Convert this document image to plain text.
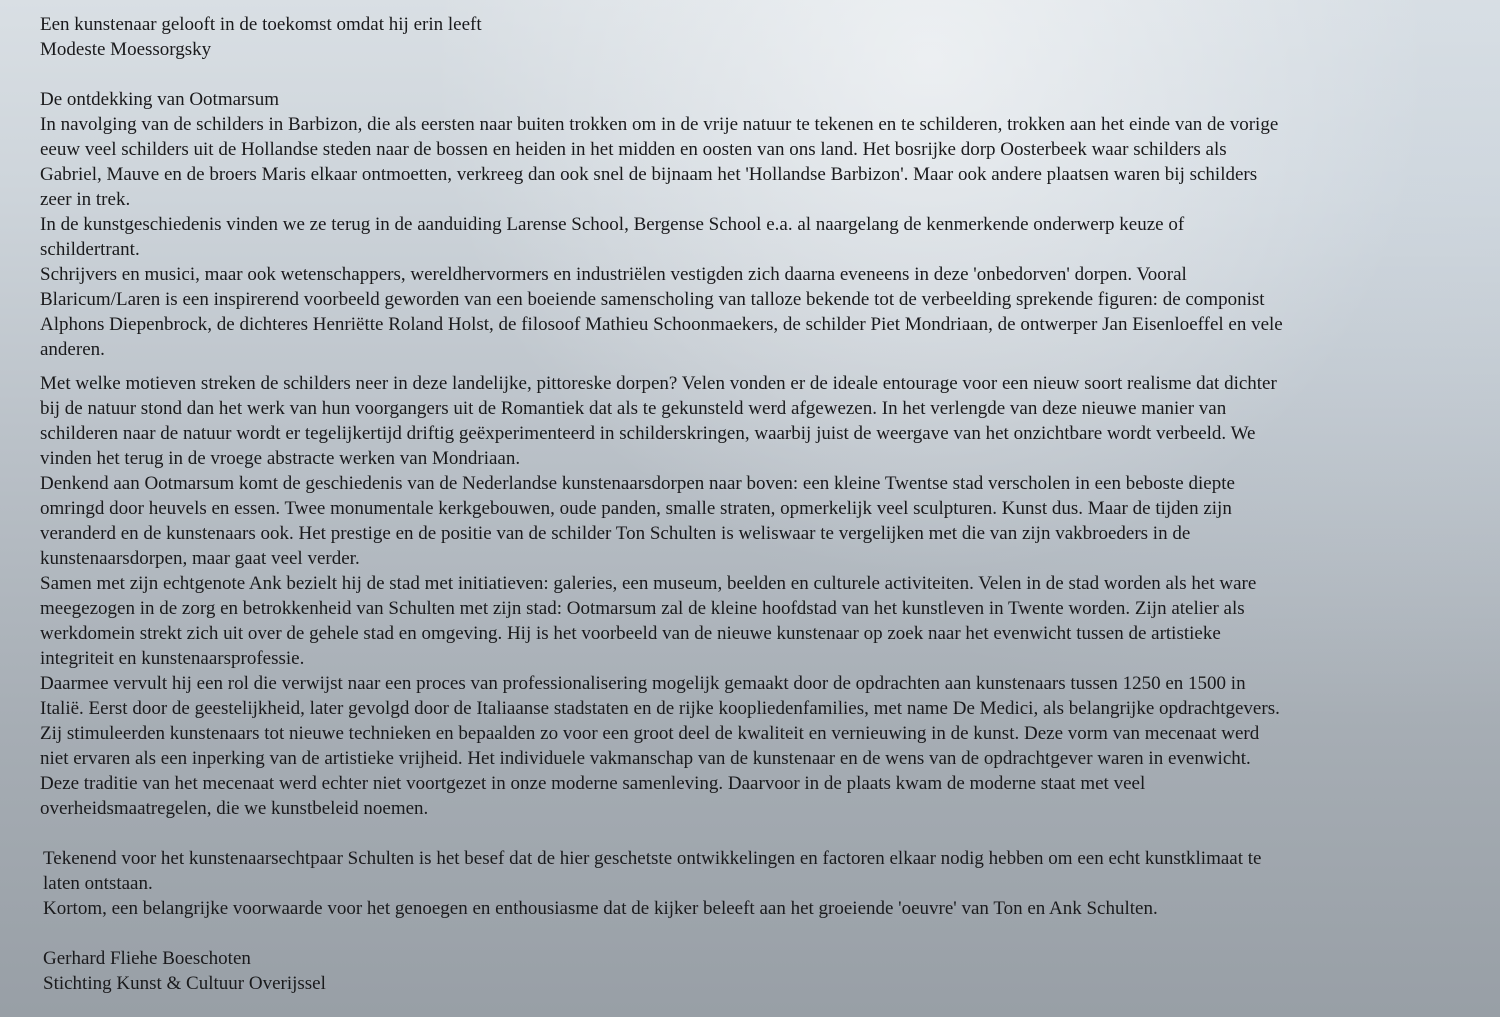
Een kunstenaar gelooft in de toekomst omdat hij erin leeft
Modeste Moessorgsky
De ontdekking van Ootmarsum
In navolging van de schilders in Barbizon, die als eersten naar buiten trokken om in de vrije natuur te tekenen en te schilderen, trokken aan het einde van de vorige
eeuw veel schilders uit de Hollandse steden naar de bossen en heiden in het midden en oosten van ons land. Het bosrijke dorp Oosterbeek waar schilders als
Gabriel, Mauve en de broers Maris elkaar ontmoetten, verkreeg dan ook snel de bijnaam het 'Hollandse Barbizon'. Maar ook andere plaatsen waren bij schilders
zeer in trek.
In de kunstgeschiedenis vinden we ze terug in de aanduiding Larense School, Bergense School e.a. al naargelang de kenmerkende onderwerp keuze of
schildertrant.
Schrijvers en musici, maar ook wetenschappers, wereldhervormers en industriëlen vestigden zich daarna eveneens in deze 'onbedorven' dorpen. Vooral
Blaricum/Laren is een inspirerend voorbeeld geworden van een boeiende samenscholing van talloze bekende tot de verbeelding sprekende figuren: de componist
Alphons Diepenbrock, de dichteres Henriëtte Roland Holst, de filosoof Mathieu Schoonmaekers, de schilder Piet Mondriaan, de ontwerper Jan Eisenloeffel en vele
anderen.
Met welke motieven streken de schilders neer in deze landelijke, pittoreske dorpen? Velen vonden er de ideale entourage voor een nieuw soort realisme dat dichter
bij de natuur stond dan het werk van hun voorgangers uit de Romantiek dat als te gekunsteld werd afgewezen. In het verlengde van deze nieuwe manier van
schilderen naar de natuur wordt er tegelijkertijd driftig geëxperimenteerd in schilderskringen, waarbij juist de weergave van het onzichtbare wordt verbeeld. We
vinden het terug in de vroege abstracte werken van Mondriaan.
Denkend aan Ootmarsum komt de geschiedenis van de Nederlandse kunstenaarsdorpen naar boven: een kleine Twentse stad verscholen in een beboste diepte
omringd door heuvels en essen. Twee monumentale kerkgebouwen, oude panden, smalle straten, opmerkelijk veel sculpturen. Kunst dus. Maar de tijden zijn
veranderd en de kunstenaars ook. Het prestige en de positie van de schilder Ton Schulten is weliswaar te vergelijken met die van zijn vakbroeders in de
kunstenaarsdorpen, maar gaat veel verder.
Samen met zijn echtgenote Ank bezielt hij de stad met initiatieven: galeries, een museum, beelden en culturele activiteiten. Velen in de stad worden als het ware
meegezogen in de zorg en betrokkenheid van Schulten met zijn stad: Ootmarsum zal de kleine hoofdstad van het kunstleven in Twente worden. Zijn atelier als
werkdomein strekt zich uit over de gehele stad en omgeving. Hij is het voorbeeld van de nieuwe kunstenaar op zoek naar het evenwicht tussen de artistieke
integriteit en kunstenaarsprofessie.
Daarmee vervult hij een rol die verwijst naar een proces van professionalisering mogelijk gemaakt door de opdrachten aan kunstenaars tussen 1250 en 1500 in
Italië. Eerst door de geestelijkheid, later gevolgd door de Italiaanse stadstaten en de rijke koopliedenfamilies, met name De Medici, als belangrijke opdrachtgevers.
Zij stimuleerden kunstenaars tot nieuwe technieken en bepaalden zo voor een groot deel de kwaliteit en vernieuwing in de kunst. Deze vorm van mecenaat werd
niet ervaren als een inperking van de artistieke vrijheid. Het individuele vakmanschap van de kunstenaar en de wens van de opdrachtgever waren in evenwicht.
Deze traditie van het mecenaat werd echter niet voortgezet in onze moderne samenleving. Daarvoor in de plaats kwam de moderne staat met veel
overheidsmaatregelen, die we kunstbeleid noemen.
Tekenend voor het kunstenaarsechtpaar Schulten is het besef dat de hier geschetste ontwikkelingen en factoren elkaar nodig hebben om een echt kunstklimaat te
laten ontstaan.
Kortom, een belangrijke voorwaarde voor het genoegen en enthousiasme dat de kijker beleeft aan het groeiende 'oeuvre' van Ton en Ank Schulten.
Gerhard Fliehe Boeschoten
Stichting Kunst & Cultuur Overijssel
